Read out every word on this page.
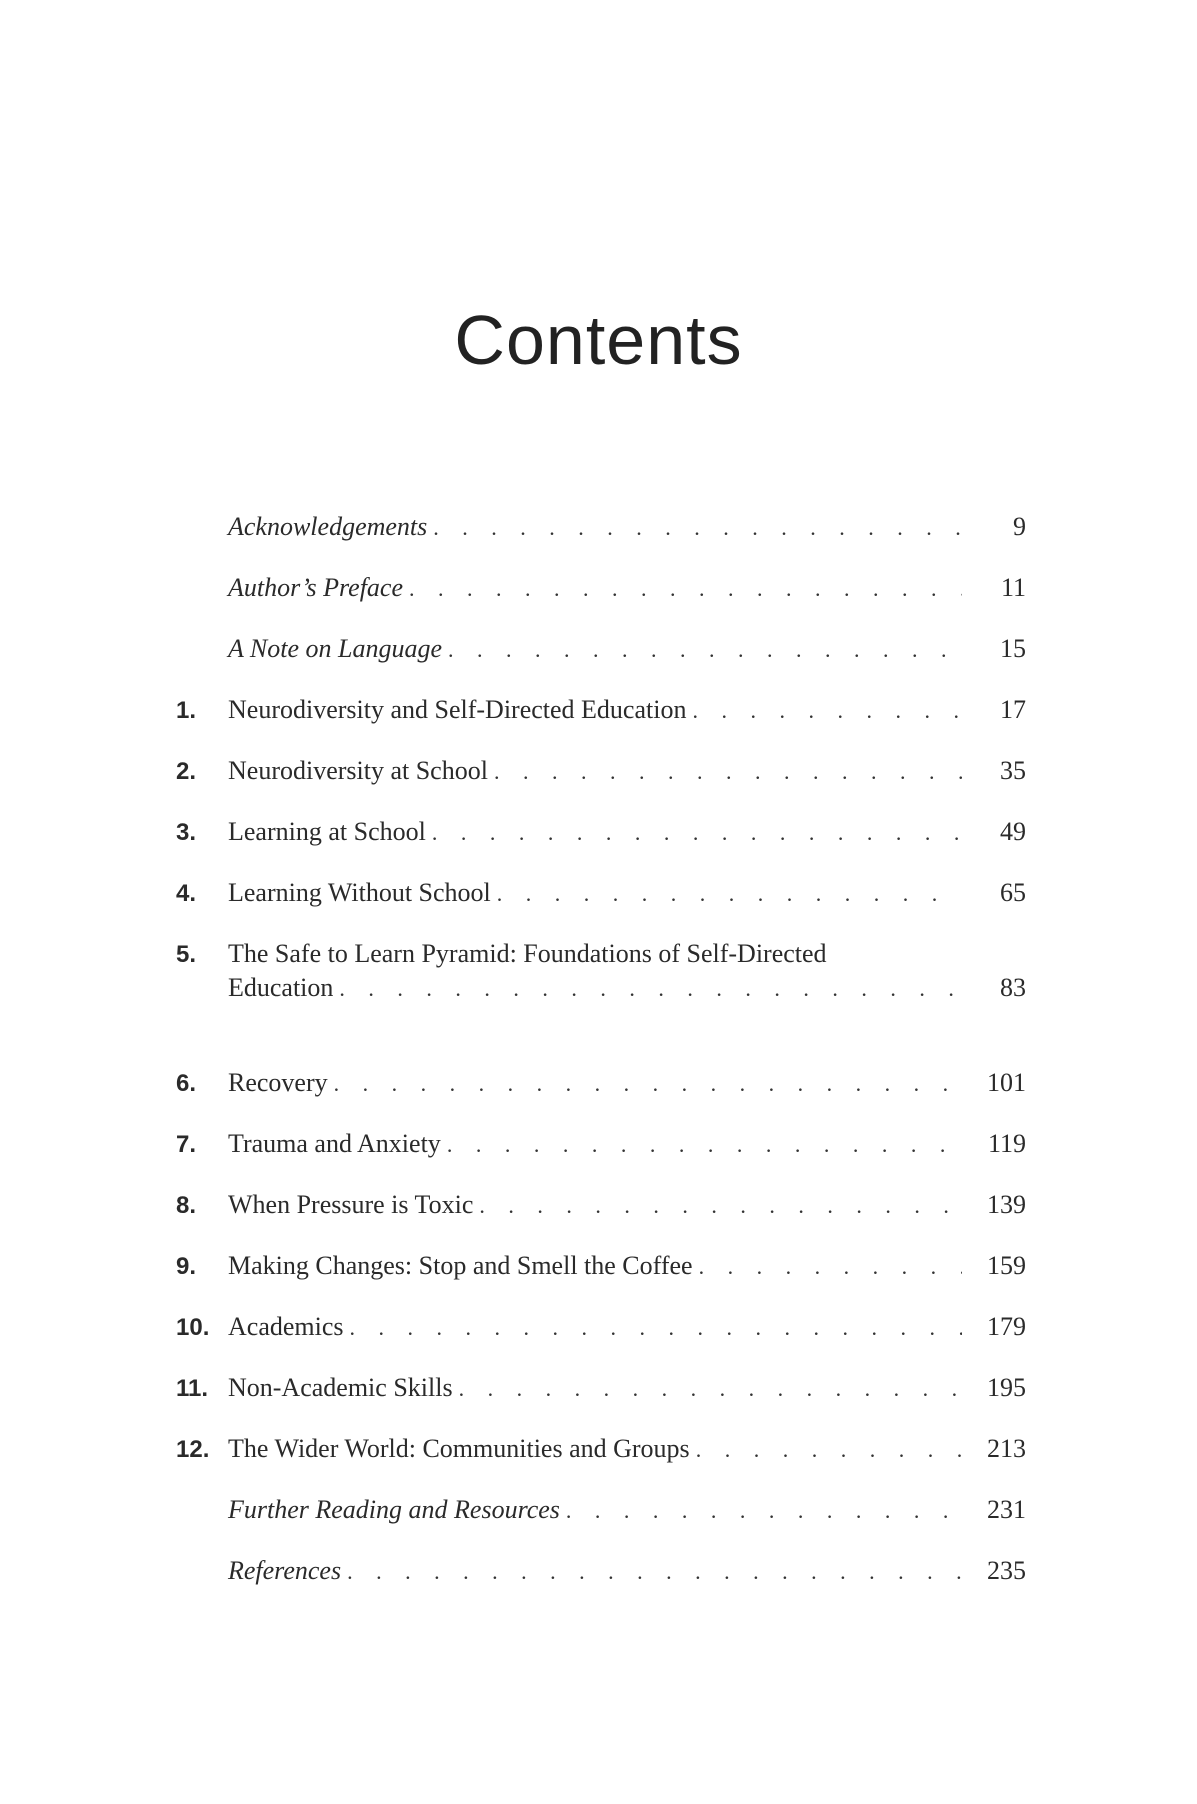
Contents
Acknowledgements . . .	9
Author’s Preface . . .	11
A Note on Language . . .	15
1.	Neurodiversity and Self-Directed Education . . .	17
2.	Neurodiversity at School . . .	35
3.	Learning at School . . .	49
4.	Learning Without School . . .	65
5.	The Safe to Learn Pyramid: Foundations of Self-Directed
Education . . .	83
6.	Recovery . . .	101
7.	Trauma and Anxiety . . .	119
8.	When Pressure is Toxic . . .	139
9.	Making Changes: Stop and Smell the Coffee . . .	159
10. Academics . . .	179
11. Non-Academic Skills . . .	195
12. The Wider World: Communities and Groups . . .	213
Further Reading and Resources . . .	231
References . . .	235
